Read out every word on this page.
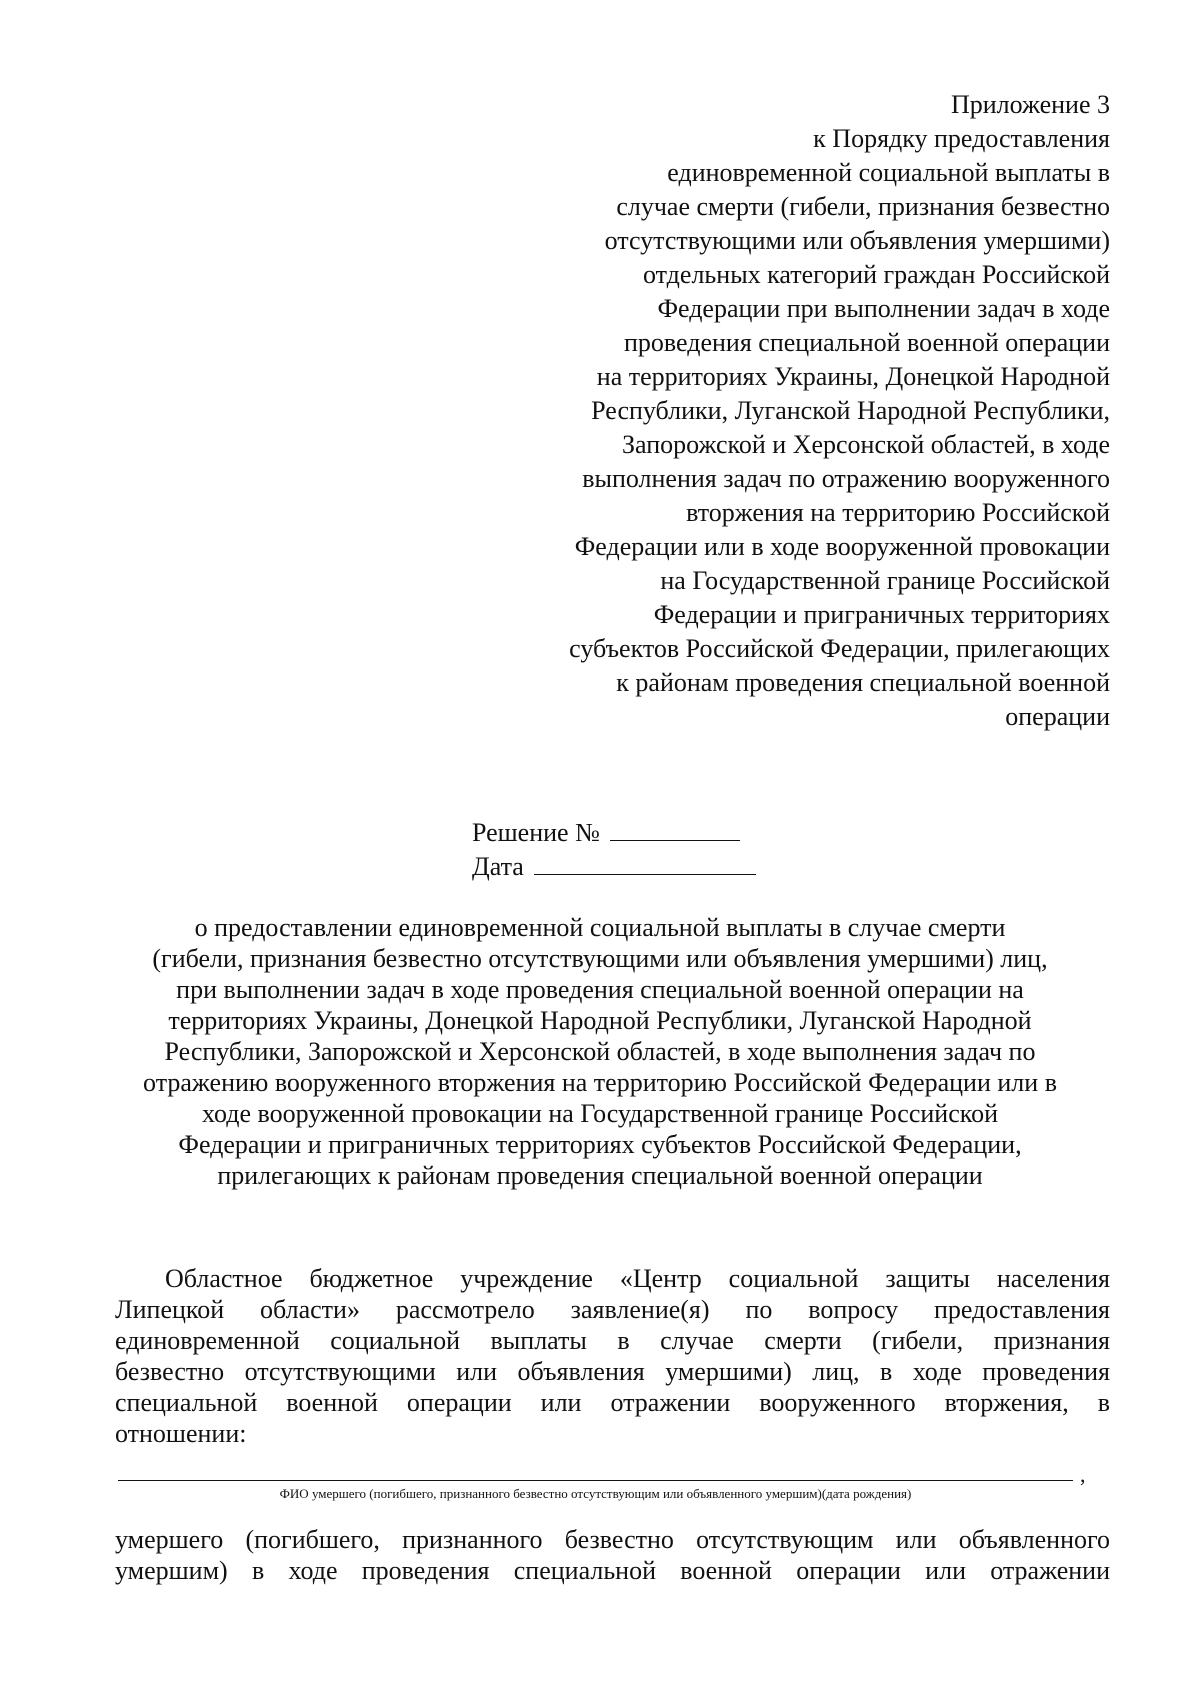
Приложение 3
к Порядку предоставления
единовременной социальной выплаты в
случае смерти (гибели, признания безвестно
отсутствующими или объявления умершими)
отдельных категорий граждан Российской
Федерации при выполнении задач в ходе
проведения специальной военной операции
на территориях Украины, Донецкой Народной
Республики, Луганской Народной Республики,
Запорожской и Херсонской областей, в ходе
выполнения задач по отражению вооруженного
вторжения на территорию Российской
Федерации или в ходе вооруженной провокации
на Государственной границе Российской
Федерации и приграничных территориях
субъектов Российской Федерации, прилегающих
к районам проведения специальной военной
операции
Решение №
Дата
о предоставлении единовременной социальной выплаты в случае смерти
(гибели, признания безвестно отсутствующими или объявления умершими) лиц,
при выполнении задач в ходе проведения специальной военной операции на
территориях Украины, Донецкой Народной Республики, Луганской Народной
Республики, Запорожской и Херсонской областей, в ходе выполнения задач по
отражению вооруженного вторжения на территорию Российской Федерации или в
ходе вооруженной провокации на Государственной границе Российской
Федерации и приграничных территориях субъектов Российской Федерации,
прилегающих к районам проведения специальной военной операции
Областное бюджетное учреждение «Центр социальной защиты населения
Липецкой области» рассмотрело заявление(я) по вопросу предоставления
единовременной социальной выплаты в случае смерти (гибели, признания
безвестно отсутствующими или объявления умершими) лиц, в ходе проведения
специальной военной операции или отражении вооруженного вторжения, в
отношении:
,
ФИО умершего (погибшего, признанного безвестно отсутствующим или объявленного умершим)(дата рождения)
умершего (погибшего, признанного безвестно отсутствующим или объявленного
умершим) в ходе проведения специальной военной операции или отражении
